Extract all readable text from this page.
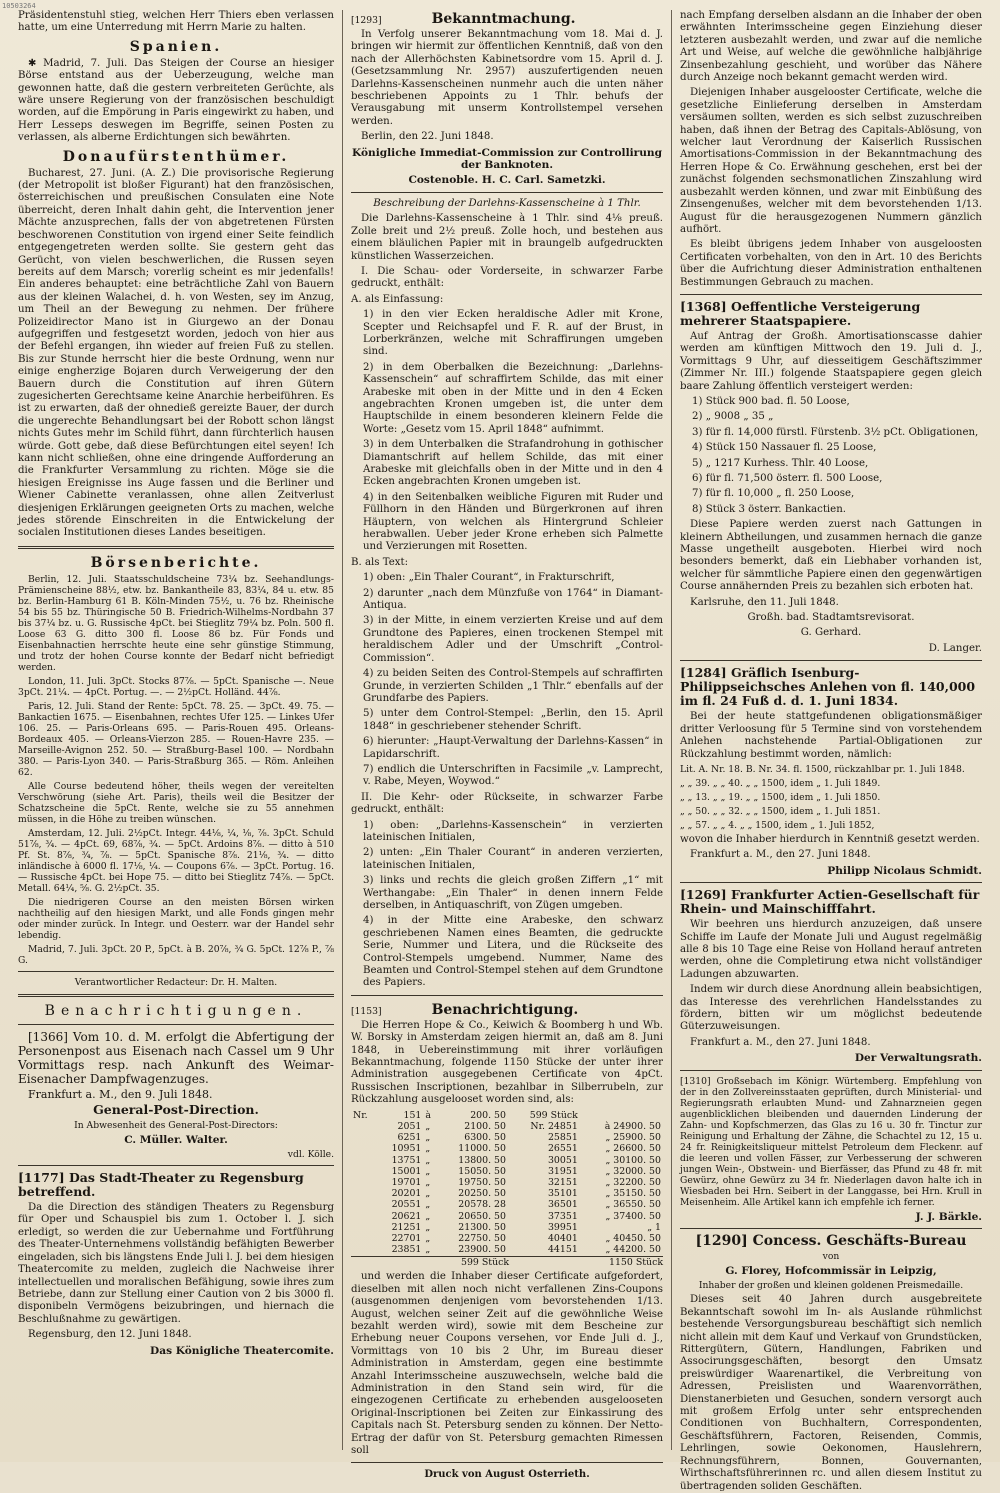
10503264

Präsidentenstuhl stieg, welchen Herr Thiers eben verlassen hatte, um eine Unterredung mit Herrn Marie zu halten.

Spanien.

✱ Madrid, 7. Juli. Das Steigen der Course an hiesiger Börse entstand aus der Ueberzeugung, welche man gewonnen hatte, daß die gestern verbreiteten Gerüchte, als wäre unsere Regierung von der französischen beschuldigt worden, auf die Empörung in Paris eingewirkt zu haben, und Herr Lesseps deswegen im Begriffe, seinen Posten zu verlassen, als alberne Erdichtungen sich bewährten.

Donaufürstenthümer.

Bucharest, 27. Juni. (A. Z.) Die provisorische Regierung (der Metropolit ist bloßer Figurant) hat den französischen, österreichischen und preußischen Consulaten eine Note überreicht, deren Inhalt dahin geht, die Intervention jener Mächte anzusprechen, falls der von abgetretenen Fürsten beschworenen Constitution von irgend einer Seite feindlich entgegengetreten werden sollte. Sie gestern geht das Gerücht, von vielen beschwerlichen, die Russen seyen bereits auf dem Marsch; vorerlig scheint es mir jedenfalls! Ein anderes behauptet: eine beträchtliche Zahl von Bauern aus der kleinen Walachei, d. h. von Westen, sey im Anzug, um Theil an der Bewegung zu nehmen. Der frühere Polizeidirector Mano ist in Giurgewo an der Donau aufgegriffen und festgesetzt worden, jedoch von hier aus der Befehl ergangen, ihn wieder auf freien Fuß zu stellen. Bis zur Stunde herrscht hier die beste Ordnung, wenn nur einige engherzige Bojaren durch Verweigerung der den Bauern durch die Constitution auf ihren Gütern zugesicherten Gerechtsame keine Anarchie herbeiführen. Es ist zu erwarten, daß der ohnedieß gereizte Bauer, der durch die ungerechte Behandlungsart bei der Robott schon längst nichts Gutes mehr im Schild führt, dann fürchterlich hausen würde. Gott gebe, daß diese Befürchtungen eitel seyen! Ich kann nicht schließen, ohne eine dringende Aufforderung an die Frankfurter Versammlung zu richten. Möge sie die hiesigen Ereignisse ins Auge fassen und die Berliner und Wiener Cabinette veranlassen, ohne allen Zeitverlust diesjenigen Erklärungen geeigneten Orts zu machen, welche jedes störende Einschreiten in die Entwickelung der socialen Institutionen dieses Landes beseitigen.

Börsenberichte.

Berlin, 12. Juli. Staatsschuldscheine 73¼ bz. Seehandlungs-Prämienscheine 88½, etw. bz. Bankantheile 83, 83¼, 84 u. etw. 85 bz. Berlin-Hamburg 61 B. Köln-Minden 75½, u. 76 bz. Rheinische 54 bis 55 bz. Thüringische 50 B. Friedrich-Wilhelms-Nordbahn 37 bis 37¼ bz. u. G. Russische 4pCt. bei Stieglitz 79¼ bz. Poln. 500 fl. Loose 63 G. ditto 300 fl. Loose 86 bz. Für Fonds und Eisenbahnactien herrschte heute eine sehr günstige Stimmung, und trotz der hohen Course konnte der Bedarf nicht befriedigt werden.

London, 11. Juli. 3pCt. Stocks 87⅞. — 5pCt. Spanische —. Neue 3pCt. 21¼. — 4pCt. Portug. —. — 2½pCt. Holländ. 44⅞.

Paris, 12. Juli. Stand der Rente: 5pCt. 78. 25. — 3pCt. 49. 75. — Bankactien 1675. — Eisenbahnen, rechtes Ufer 125. — Linkes Ufer 106. 25. — Paris-Orleans 695. — Paris-Rouen 495. Orleans-Bordeaux 405. — Orleans-Vierzon 285. — Rouen-Havre 235. — Marseille-Avignon 252. 50. — Straßburg-Basel 100. — Nordbahn 380. — Paris-Lyon 340. — Paris-Straßburg 365. — Röm. Anleihen 62.

Alle Course bedeutend höher, theils wegen der vereitelten Verschwörung (siehe Art. Paris), theils weil die Besitzer der Schatzscheine die 5pCt. Rente, welche sie zu 55 annehmen müssen, in die Höhe zu treiben wünschen.

Amsterdam, 12. Juli. 2½pCt. Integr. 44⅛, ¼, ⅛, ⅞. 3pCt. Schuld 51⅞, ¾. — 4pCt. 69, 68⅞, ¾. — 5pCt. Ardoins 8⅞. — ditto à 510 Pf. St. 8⅞, ¾, ⅞. — 5pCt. Spanische 8⅞. 21⅛, ¾. — ditto inländische à 6000 fl. 17⅛, ¼. — Coupons 6⅞. — 3pCt. Portug. 16. — Russische 4pCt. bei Hope 75. — ditto bei Stieglitz 74⅞. — 5pCt. Metall. 64¼, ⅝. G. 2½pCt. 35.

Die niedrigeren Course an den meisten Börsen wirken nachtheilig auf den hiesigen Markt, und alle Fonds gingen mehr oder minder zurück. In Integr. und Oesterr. war der Handel sehr lebendig.

Madrid, 7. Juli. 3pCt. 20 P., 5pCt. à B. 20⅞, ¾ G. 5pCt. 12⅞ P., ⅞ G.

Verantwortlicher Redacteur: Dr. H. Malten.

Benachrichtigungen.

[1366] Vom 10. d. M. erfolgt die Abfertigung der Personenpost aus Eisenach nach Cassel um 9 Uhr Vormittags resp. nach Ankunft des Weimar-Eisenacher Dampfwagenzuges.

Frankfurt a. M., den 9. Juli 1848.

General-Post-Direction.

In Abwesenheit des General-Post-Directors:

C. Müller. Walter.

vdl. Kölle.

[1177] Das Stadt-Theater zu Regensburg betreffend.

Da die Direction des ständigen Theaters zu Regensburg für Oper und Schauspiel bis zum 1. October l. J. sich erledigt, so werden die zur Uebernahme und Fortführung des Theater-Unternehmens vollständig befähigten Bewerber eingeladen, sich bis längstens Ende Juli l. J. bei dem hiesigen Theatercomite zu melden, zugleich die Nachweise ihrer intellectuellen und moralischen Befähigung, sowie ihres zum Betriebe, dann zur Stellung einer Caution von 2 bis 3000 fl. disponibeln Vermögens beizubringen, und hiernach die Beschlußnahme zu gewärtigen.

Regensburg, den 12. Juni 1848.

Das Königliche Theatercomite.

[1293]	Bekanntmachung.

In Verfolg unserer Bekanntmachung vom 18. Mai d. J. bringen wir hiermit zur öffentlichen Kenntniß, daß von den nach der Allerhöchsten Kabinetsordre vom 15. April d. J. (Gesetzsammlung Nr. 2957) auszufertigenden neuen Darlehns-Kassenscheinen nunmehr auch die unten näher beschriebenen Appoints zu 1 Thlr. behufs der Verausgabung mit unserm Kontrollstempel versehen werden.

Berlin, den 22. Juni 1848.

Königliche Immediat-Commission zur Controllirung der Banknoten.

Costenoble. H. C. Carl. Sametzki.

Beschreibung der Darlehns-Kassenscheine à 1 Thlr.

Die Darlehns-Kassenscheine à 1 Thlr. sind 4⅛ preuß. Zolle breit und 2½ preuß. Zolle hoch, und bestehen aus einem bläulichen Papier mit in braungelb aufgedruckten künstlichen Wasserzeichen.

I. Die Schau- oder Vorderseite, in schwarzer Farbe gedruckt, enthält:

A. als Einfassung:

1) in den vier Ecken heraldische Adler mit Krone, Scepter und Reichsapfel und F. R. auf der Brust, in Lorberkränzen, welche mit Schraffirungen umgeben sind.

2) in dem Oberbalken die Bezeichnung: „Darlehns-Kassenschein“ auf schraffirtem Schilde, das mit einer Arabeske mit oben in der Mitte und in den 4 Ecken angebrachten Kronen umgeben ist, die unter dem Hauptschilde in einem besonderen kleinern Felde die Worte: „Gesetz vom 15. April 1848“ aufnimmt.

3) in dem Unterbalken die Strafandrohung in gothischer Diamantschrift auf hellem Schilde, das mit einer Arabeske mit gleichfalls oben in der Mitte und in den 4 Ecken angebrachten Kronen umgeben ist.

4) in den Seitenbalken weibliche Figuren mit Ruder und Füllhorn in den Händen und Bürgerkronen auf ihren Häuptern, von welchen als Hintergrund Schleier herabwallen. Ueber jeder Krone erheben sich Palmette und Verzierungen mit Rosetten.

B. als Text:

1) oben: „Ein Thaler Courant“, in Frakturschrift,

2) darunter „nach dem Münzfuße von 1764“ in Diamant-Antiqua.

3) in der Mitte, in einem verzierten Kreise und auf dem Grundtone des Papieres, einen trockenen Stempel mit heraldischem Adler und der Umschrift „Control-Commission“.

4) zu beiden Seiten des Control-Stempels auf schraffirten Grunde, in verzierten Schilden „1 Thlr.“ ebenfalls auf der Grundfarbe des Papiers.

5) unter dem Control-Stempel: „Berlin, den 15. April 1848“ in geschriebener stehender Schrift.

6) hierunter: „Haupt-Verwaltung der Darlehns-Kassen“ in Lapidarschrift.

7) endlich die Unterschriften in Facsimile „v. Lamprecht, v. Rabe, Meyen, Woywod.“

II. Die Kehr- oder Rückseite, in schwarzer Farbe gedruckt, enthält:

1) oben: „Darlehns-Kassenschein“ in verzierten lateinischen Initialen,

2) unten: „Ein Thaler Courant“ in anderen verzierten, lateinischen Initialen,

3) links und rechts die gleich großen Ziffern „1“ mit Werthangabe: „Ein Thaler“ in denen innern Felde derselben, in Antiquaschrift, von Zügen umgeben.

4) in der Mitte eine Arabeske, den schwarz geschriebenen Namen eines Beamten, die gedruckte Serie, Nummer und Litera, und die Rückseite des Control-Stempels umgebend. Nummer, Name des Beamten und Control-Stempel stehen auf dem Grundtone des Papiers.

[1153]	Benachrichtigung.

Die Herren Hope & Co., Keiwich & Boomberg h und Wb. W. Borsky in Amsterdam zeigen hiermit an, daß am 8. Juni 1848, in Uebereinstimmung mit ihrer vorläufigen Bekanntmachung, folgende 1150 Stücke der unter ihrer Administration ausgegebenen Certificate von 4pCt. Russischen Inscriptionen, bezahlbar in Silberrubeln, zur Rückzahlung ausgelooset worden sind, als:

Nr.	151	à	200. 50	599 Stück	
	2051	„	2100. 50	Nr. 24851	à 24900. 50
	6251	„	6300. 50	25851	„ 25900. 50
	10951	„	11000. 50	26551	„ 26600. 50
	13751	„	13800. 50	30051	„ 30100. 50
	15001	„	15050. 50	31951	„ 32000. 50
	19701	„	19750. 50	32151	„ 32200. 50
	20201	„	20250. 50	35101	„ 35150. 50
	20551	„	20578. 28	36501	„ 36550. 50
	20621	„	20650. 50	37351	„ 37400. 50
	21251	„	21300. 50	39951	„ 1
	22701	„	22750. 50	40401	„ 40450. 50
	23851	„	23900. 50	44151	„ 44200. 50
599 Stück	1150 Stück

und werden die Inhaber dieser Certificate aufgefordert, dieselben mit allen noch nicht verfallenen Zins-Coupons (ausgenommen denjenigen vom bevorstehenden 1/13. August, welchen seiner Zeit auf die gewöhnliche Weise bezahlt werden wird), sowie mit dem Bescheine zur Erhebung neuer Coupons versehen, vor Ende Juli d. J., Vormittags von 10 bis 2 Uhr, im Bureau dieser Administration in Amsterdam, gegen eine bestimmte Anzahl Interimsscheine auszuwechseln, welche bald die Administration in den Stand sein wird, für die eingezogenen Certificate zu erhebenden ausgelooseten Original-Inscriptionen bei Zeiten zur Einkassirung des Capitals nach St. Petersburg senden zu können. Der Netto-Ertrag der dafür von St. Petersburg gemachten Rimessen soll

Druck von August Osterrieth.

nach Empfang derselben alsdann an die Inhaber der oben erwähnten Interimsscheine gegen Einziehung dieser letzteren ausbezahlt werden, und zwar auf die nemliche Art und Weise, auf welche die gewöhnliche halbjährige Zinsenbezahlung geschieht, und worüber das Nähere durch Anzeige noch bekannt gemacht werden wird.

Diejenigen Inhaber ausgelooster Certificate, welche die gesetzliche Einlieferung derselben in Amsterdam versäumen sollten, werden es sich selbst zuzuschreiben haben, daß ihnen der Betrag des Capitals-Ablösung, von welcher laut Verordnung der Kaiserlich Russischen Amortisations-Commission in der Bekanntmachung des Herren Hope & Co. Erwähnung geschehen, erst bei der zunächst folgenden sechsmonatlichen Zinszahlung wird ausbezahlt werden können, und zwar mit Einbüßung des Zinsengenußes, welcher mit dem bevorstehenden 1/13. August für die herausgezogenen Nummern gänzlich aufhört.

Es bleibt übrigens jedem Inhaber von ausgeloosten Certificaten vorbehalten, von den in Art. 10 des Berichts über die Aufrichtung dieser Administration enthaltenen Bestimmungen Gebrauch zu machen.

[1368] Oeffentliche Versteigerung mehrerer Staatspapiere.

Auf Antrag der Großh. Amortisationscasse dahier werden am künftigen Mittwoch den 19. Juli d. J., Vormittags 9 Uhr, auf diesseitigem Geschäftszimmer (Zimmer Nr. III.) folgende Staatspapiere gegen gleich baare Zahlung öffentlich versteigert werden:

1) Stück 900 bad. fl. 50 Loose,

2) „ 9008 „ 35 „

3) für fl. 14,000 fürstl. Fürstenb. 3½ pCt. Obligationen,

4) Stück 150 Nassauer fl. 25 Loose,

5) „ 1217 Kurhess. Thlr. 40 Loose,

6) für fl. 71,500 österr. fl. 500 Loose,

7) für fl. 10,000 „ fl. 250 Loose,

8) Stück 3 österr. Bankactien.

Diese Papiere werden zuerst nach Gattungen in kleinern Abtheilungen, und zusammen hernach die ganze Masse ungetheilt ausgeboten. Hierbei wird noch besonders bemerkt, daß ein Liebhaber vorhanden ist, welcher für sämmtliche Papiere einen den gegenwärtigen Course annähernden Preis zu bezahlen sich erboten hat.

Karlsruhe, den 11. Juli 1848.

Großh. bad. Stadtamtsrevisorat.

G. Gerhard.

D. Langer.

[1284] Gräflich Isenburg-Philippseichsches Anlehen von fl. 140,000 im fl. 24 Fuß d. d. 1. Juni 1834.

Bei der heute stattgefundenen obligationsmäßiger dritter Verloosung für 5 Termine sind von vorstehendem Anlehen nachstehende Partial-Obligationen zur Rückzahlung bestimmt worden, nämlich:

Lit. A. Nr. 18. B. Nr. 34. fl. 1500, rückzahlbar pr. 1. Juli 1848.

„ „ 39. „ „ 40. „ „ 1500, idem „ 1. Juli 1849.

„ „ 13. „ „ 19. „ „ 1500, idem „ 1. Juli 1850.

„ „ 50. „ „ 32. „ „ 1500, idem „ 1. Juli 1851.

„ „ 57. „ „ 4. „ „ 1500, idem „ 1. Juli 1852,

wovon die Inhaber hierdurch in Kenntniß gesetzt werden.

Frankfurt a. M., den 27. Juni 1848.

Philipp Nicolaus Schmidt.

[1269] Frankfurter Actien-Gesellschaft für Rhein- und Mainschifffahrt.

Wir beehren uns hierdurch anzuzeigen, daß unsere Schiffe im Laufe der Monate Juli und August regelmäßig alle 8 bis 10 Tage eine Reise von Holland herauf antreten werden, ohne die Completirung etwa nicht vollständiger Ladungen abzuwarten.

Indem wir durch diese Anordnung allein beabsichtigen, das Interesse des verehrlichen Handelsstandes zu fördern, bitten wir um möglichst bedeutende Güterzuweisungen.

Frankfurt a. M., den 27. Juni 1848.

Der Verwaltungsrath.

[1310] Großsebach im Königr. Würtemberg. Empfehlung von der in den Zollvereinsstaaten geprüften, durch Ministerial- und Regierungsrath erlaubten Mund- und Zahnarzneien gegen augenblicklichen bleibenden und dauernden Linderung der Zahn- und Kopfschmerzen, das Glas zu 16 u. 30 fr. Tinctur zur Reinigung und Erhaltung der Zähne, die Schachtel zu 12, 15 u. 24 fr. Reinigkeitsliqueur mittelst Petroleum dem Fleckenr. auf die leeren und vollen Fässer, zur Verbesserung der schweren jungen Wein-, Obstwein- und Bierfässer, das Pfund zu 48 fr. mit Gewürz, ohne Gewürz zu 34 fr. Niederlagen davon halte ich in Wiesbaden bei Hrn. Seibert in der Langgasse, bei Hrn. Krull in Meisenheim. Alle Artikel kann ich empfehle ich ferner.

J. J. Bärkle.

[1290] Concess. Geschäfts-Bureau

von

G. Florey, Hofcommissär in Leipzig,

Inhaber der großen und kleinen goldenen Preismedaille.

Dieses seit 40 Jahren durch ausgebreitete Bekanntschaft sowohl im In- als Auslande rühmlichst bestehende Versorgungsbureau beschäftigt sich nemlich nicht allein mit dem Kauf und Verkauf von Grundstücken, Rittergütern, Gütern, Handlungen, Fabriken und Associrungsgeschäften, besorgt den Umsatz preiswürdiger Waarenartikel, die Verbreitung von Adressen, Preislisten und Waarenvorräthen, Dienstanerbieten und Gesuchen, sondern versorgt auch mit großem Erfolg unter sehr entsprechenden Conditionen von Buchhaltern, Correspondenten, Geschäftsführern, Factoren, Reisenden, Commis, Lehrlingen, sowie Oekonomen, Hauslehrern, Rechnungsführern, Bonnen, Gouvernanten, Wirthschaftsführerinnen rc. und allen diesem Institut zu übertragenden soliden Geschäften.
